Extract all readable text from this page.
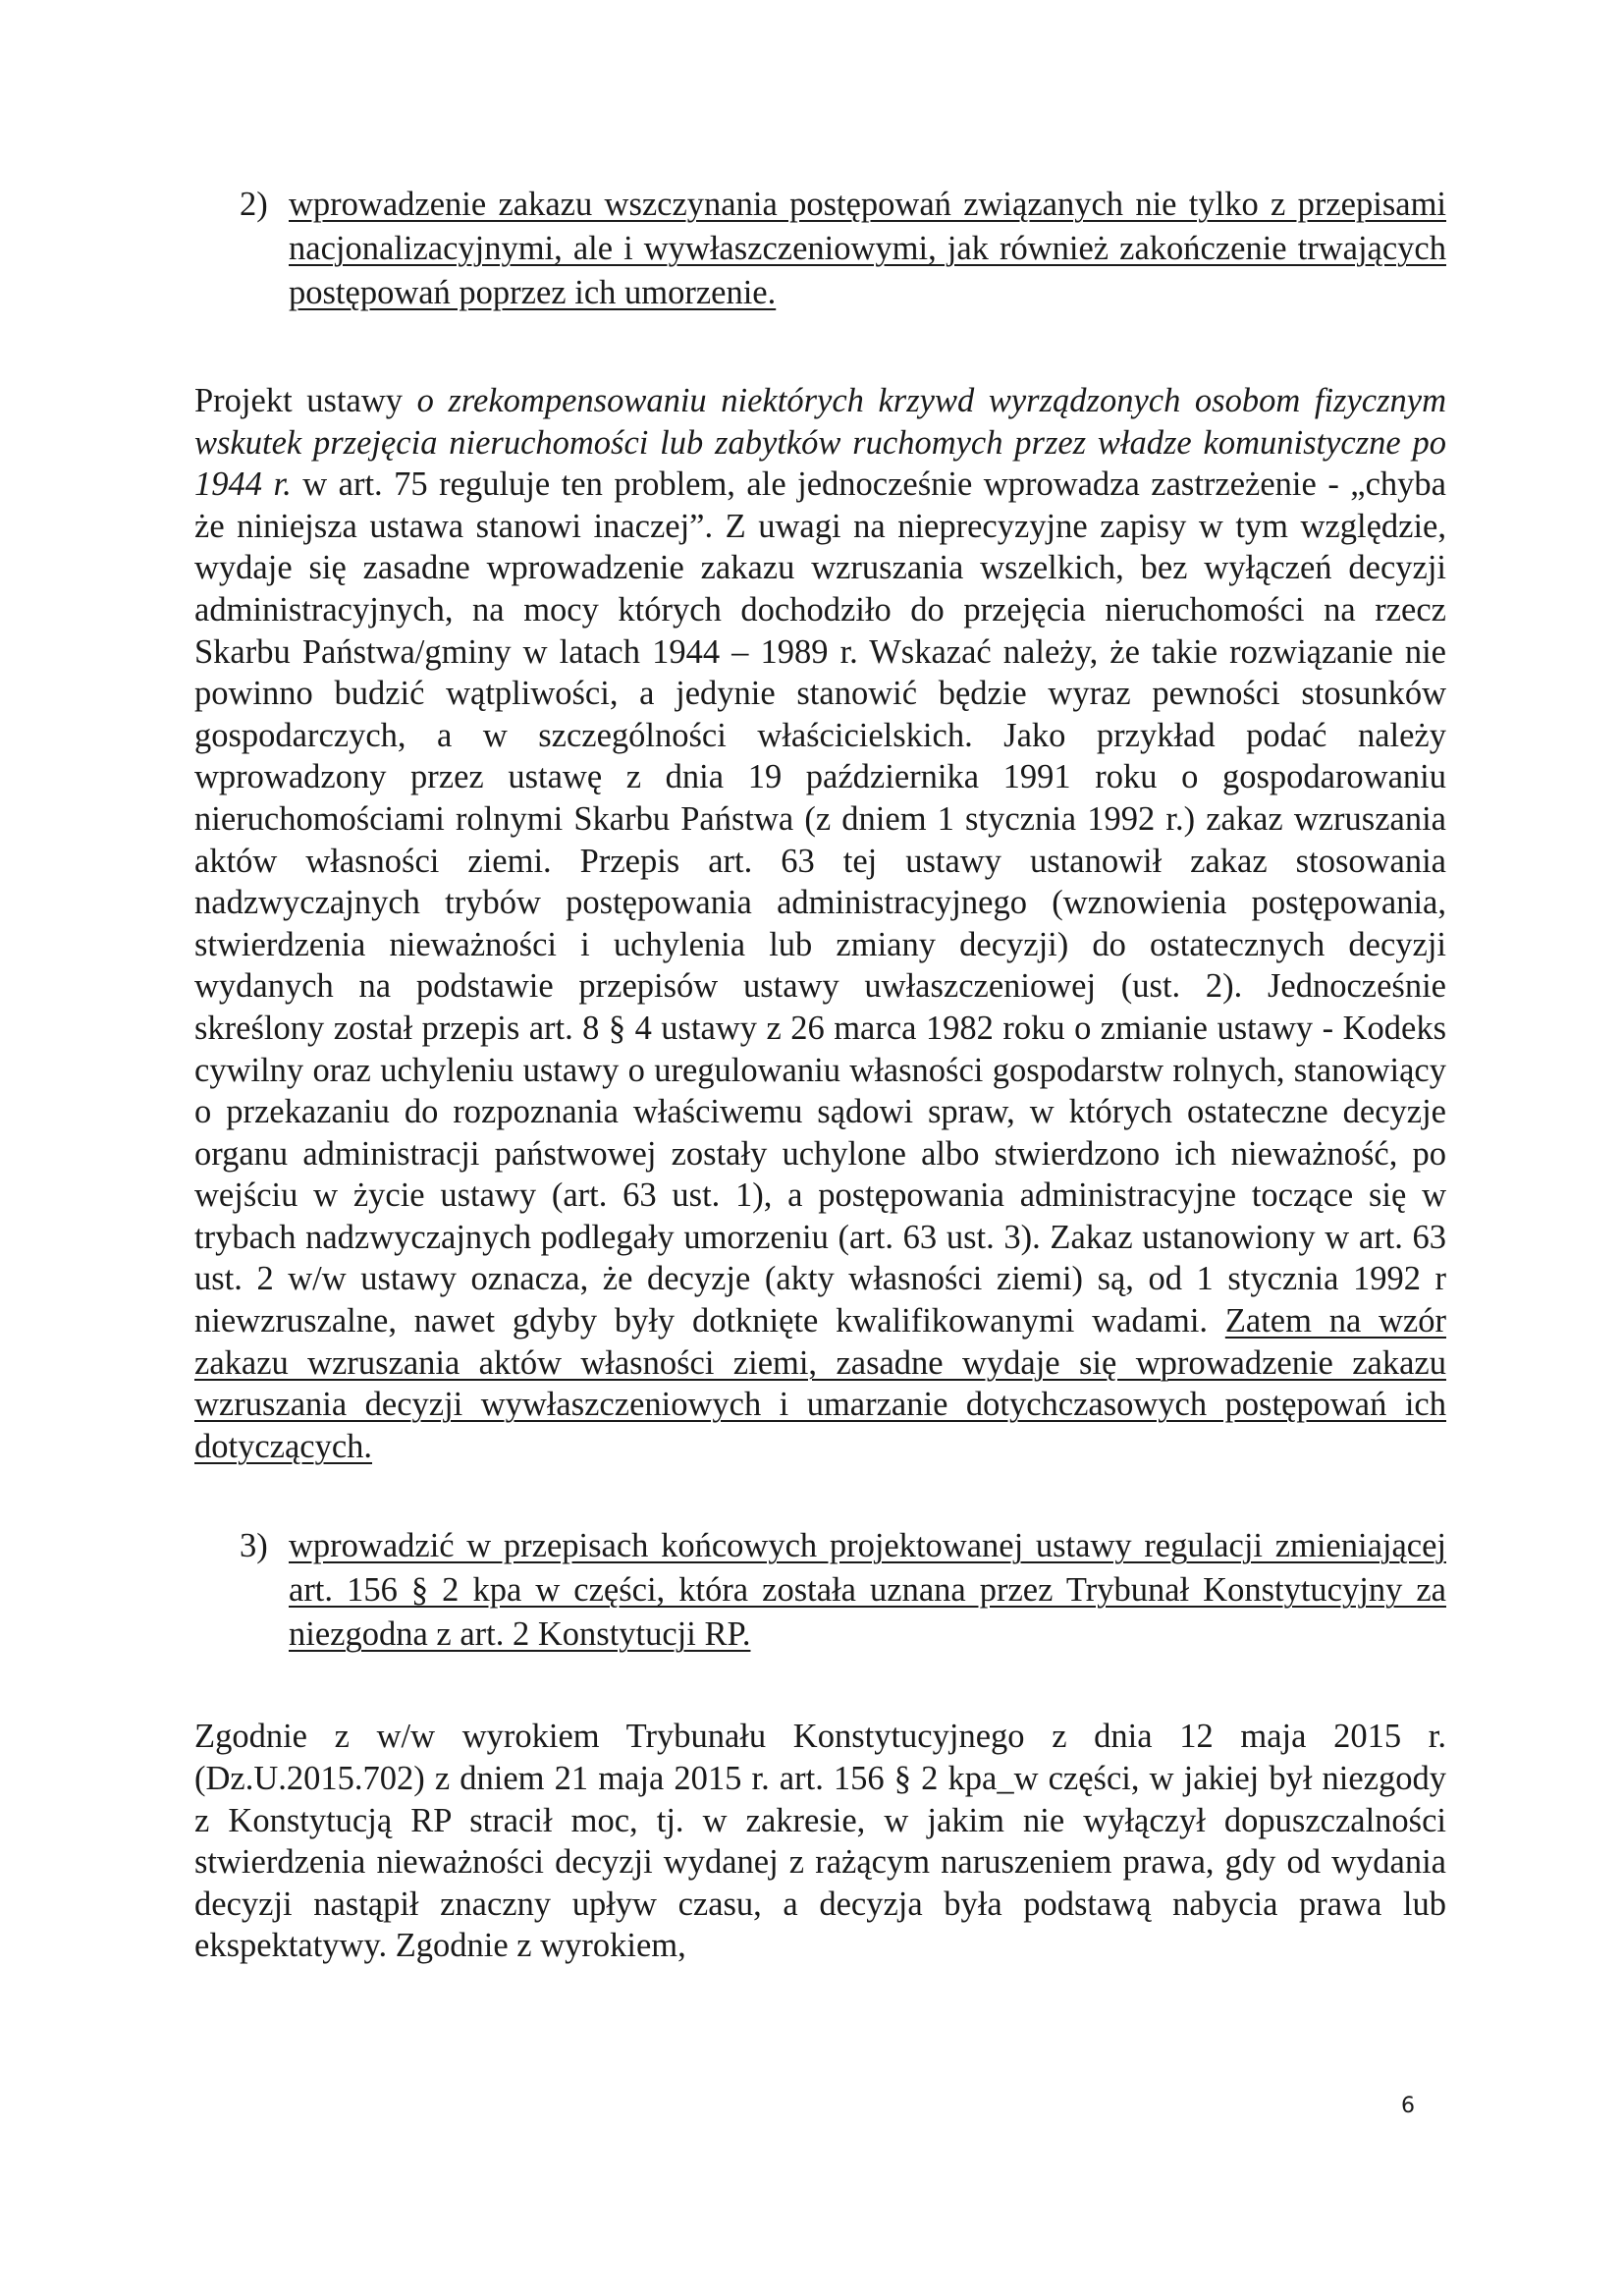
2) wprowadzenie zakazu wszczynania postępowań związanych nie tylko z przepisami nacjonalizacyjnymi, ale i wywłaszczeniowymi, jak również zakończenie trwających postępowań poprzez ich umorzenie.

Projekt ustawy o zrekompensowaniu niektórych krzywd wyrządzonych osobom fizycznym wskutek przejęcia nieruchomości lub zabytków ruchomych przez władze komunistyczne po 1944 r. w art. 75 reguluje ten problem, ale jednocześnie wprowadza zastrzeżenie - „chyba że niniejsza ustawa stanowi inaczej”. Z uwagi na nieprecyzyjne zapisy w tym względzie, wydaje się zasadne wprowadzenie zakazu wzruszania wszelkich, bez wyłączeń decyzji administracyjnych, na mocy których dochodziło do przejęcia nieruchomości na rzecz Skarbu Państwa/gminy w latach 1944 – 1989 r. Wskazać należy, że takie rozwiązanie nie powinno budzić wątpliwości, a jedynie stanowić będzie wyraz pewności stosunków gospodarczych, a w szczególności właścicielskich. Jako przykład podać należy wprowadzony przez ustawę z dnia 19 października 1991 roku o gospodarowaniu nieruchomościami rolnymi Skarbu Państwa (z dniem 1 stycznia 1992 r.) zakaz wzruszania aktów własności ziemi. Przepis art. 63 tej ustawy ustanowił zakaz stosowania nadzwyczajnych trybów postępowania administracyjnego (wznowienia postępowania, stwierdzenia nieważności i uchylenia lub zmiany decyzji) do ostatecznych decyzji wydanych na podstawie przepisów ustawy uwłaszczeniowej (ust. 2). Jednocześnie skreślony został przepis art. 8 § 4 ustawy z 26 marca 1982 roku o zmianie ustawy - Kodeks cywilny oraz uchyleniu ustawy o uregulowaniu własności gospodarstw rolnych, stanowiący o przekazaniu do rozpoznania właściwemu sądowi spraw, w których ostateczne decyzje organu administracji państwowej zostały uchylone albo stwierdzono ich nieważność, po wejściu w życie ustawy (art. 63 ust. 1), a postępowania administracyjne toczące się w trybach nadzwyczajnych podlegały umorzeniu (art. 63 ust. 3). Zakaz ustanowiony w art. 63 ust. 2 w/w ustawy oznacza, że decyzje (akty własności ziemi) są, od 1 stycznia 1992 r niewzruszalne, nawet gdyby były dotknięte kwalifikowanymi wadami. Zatem na wzór zakazu wzruszania aktów własności ziemi, zasadne wydaje się wprowadzenie zakazu wzruszania decyzji wywłaszczeniowych i umarzanie dotychczasowych postępowań ich dotyczących.

3) wprowadzić w przepisach końcowych projektowanej ustawy regulacji zmieniającej art. 156 § 2 kpa w części, która została uznana przez Trybunał Konstytucyjny za niezgodna z art. 2 Konstytucji RP.

Zgodnie z w/w wyrokiem Trybunału Konstytucyjnego z dnia 12 maja 2015 r. (Dz.U.2015.702) z dniem 21 maja 2015 r. art. 156 § 2 kpa_w części, w jakiej był niezgody z Konstytucją RP stracił moc, tj. w zakresie, w jakim nie wyłączył dopuszczalności stwierdzenia nieważności decyzji wydanej z rażącym naruszeniem prawa, gdy od wydania decyzji nastąpił znaczny upływ czasu, a decyzja była podstawą nabycia prawa lub ekspektatywy. Zgodnie z wyrokiem,

6
